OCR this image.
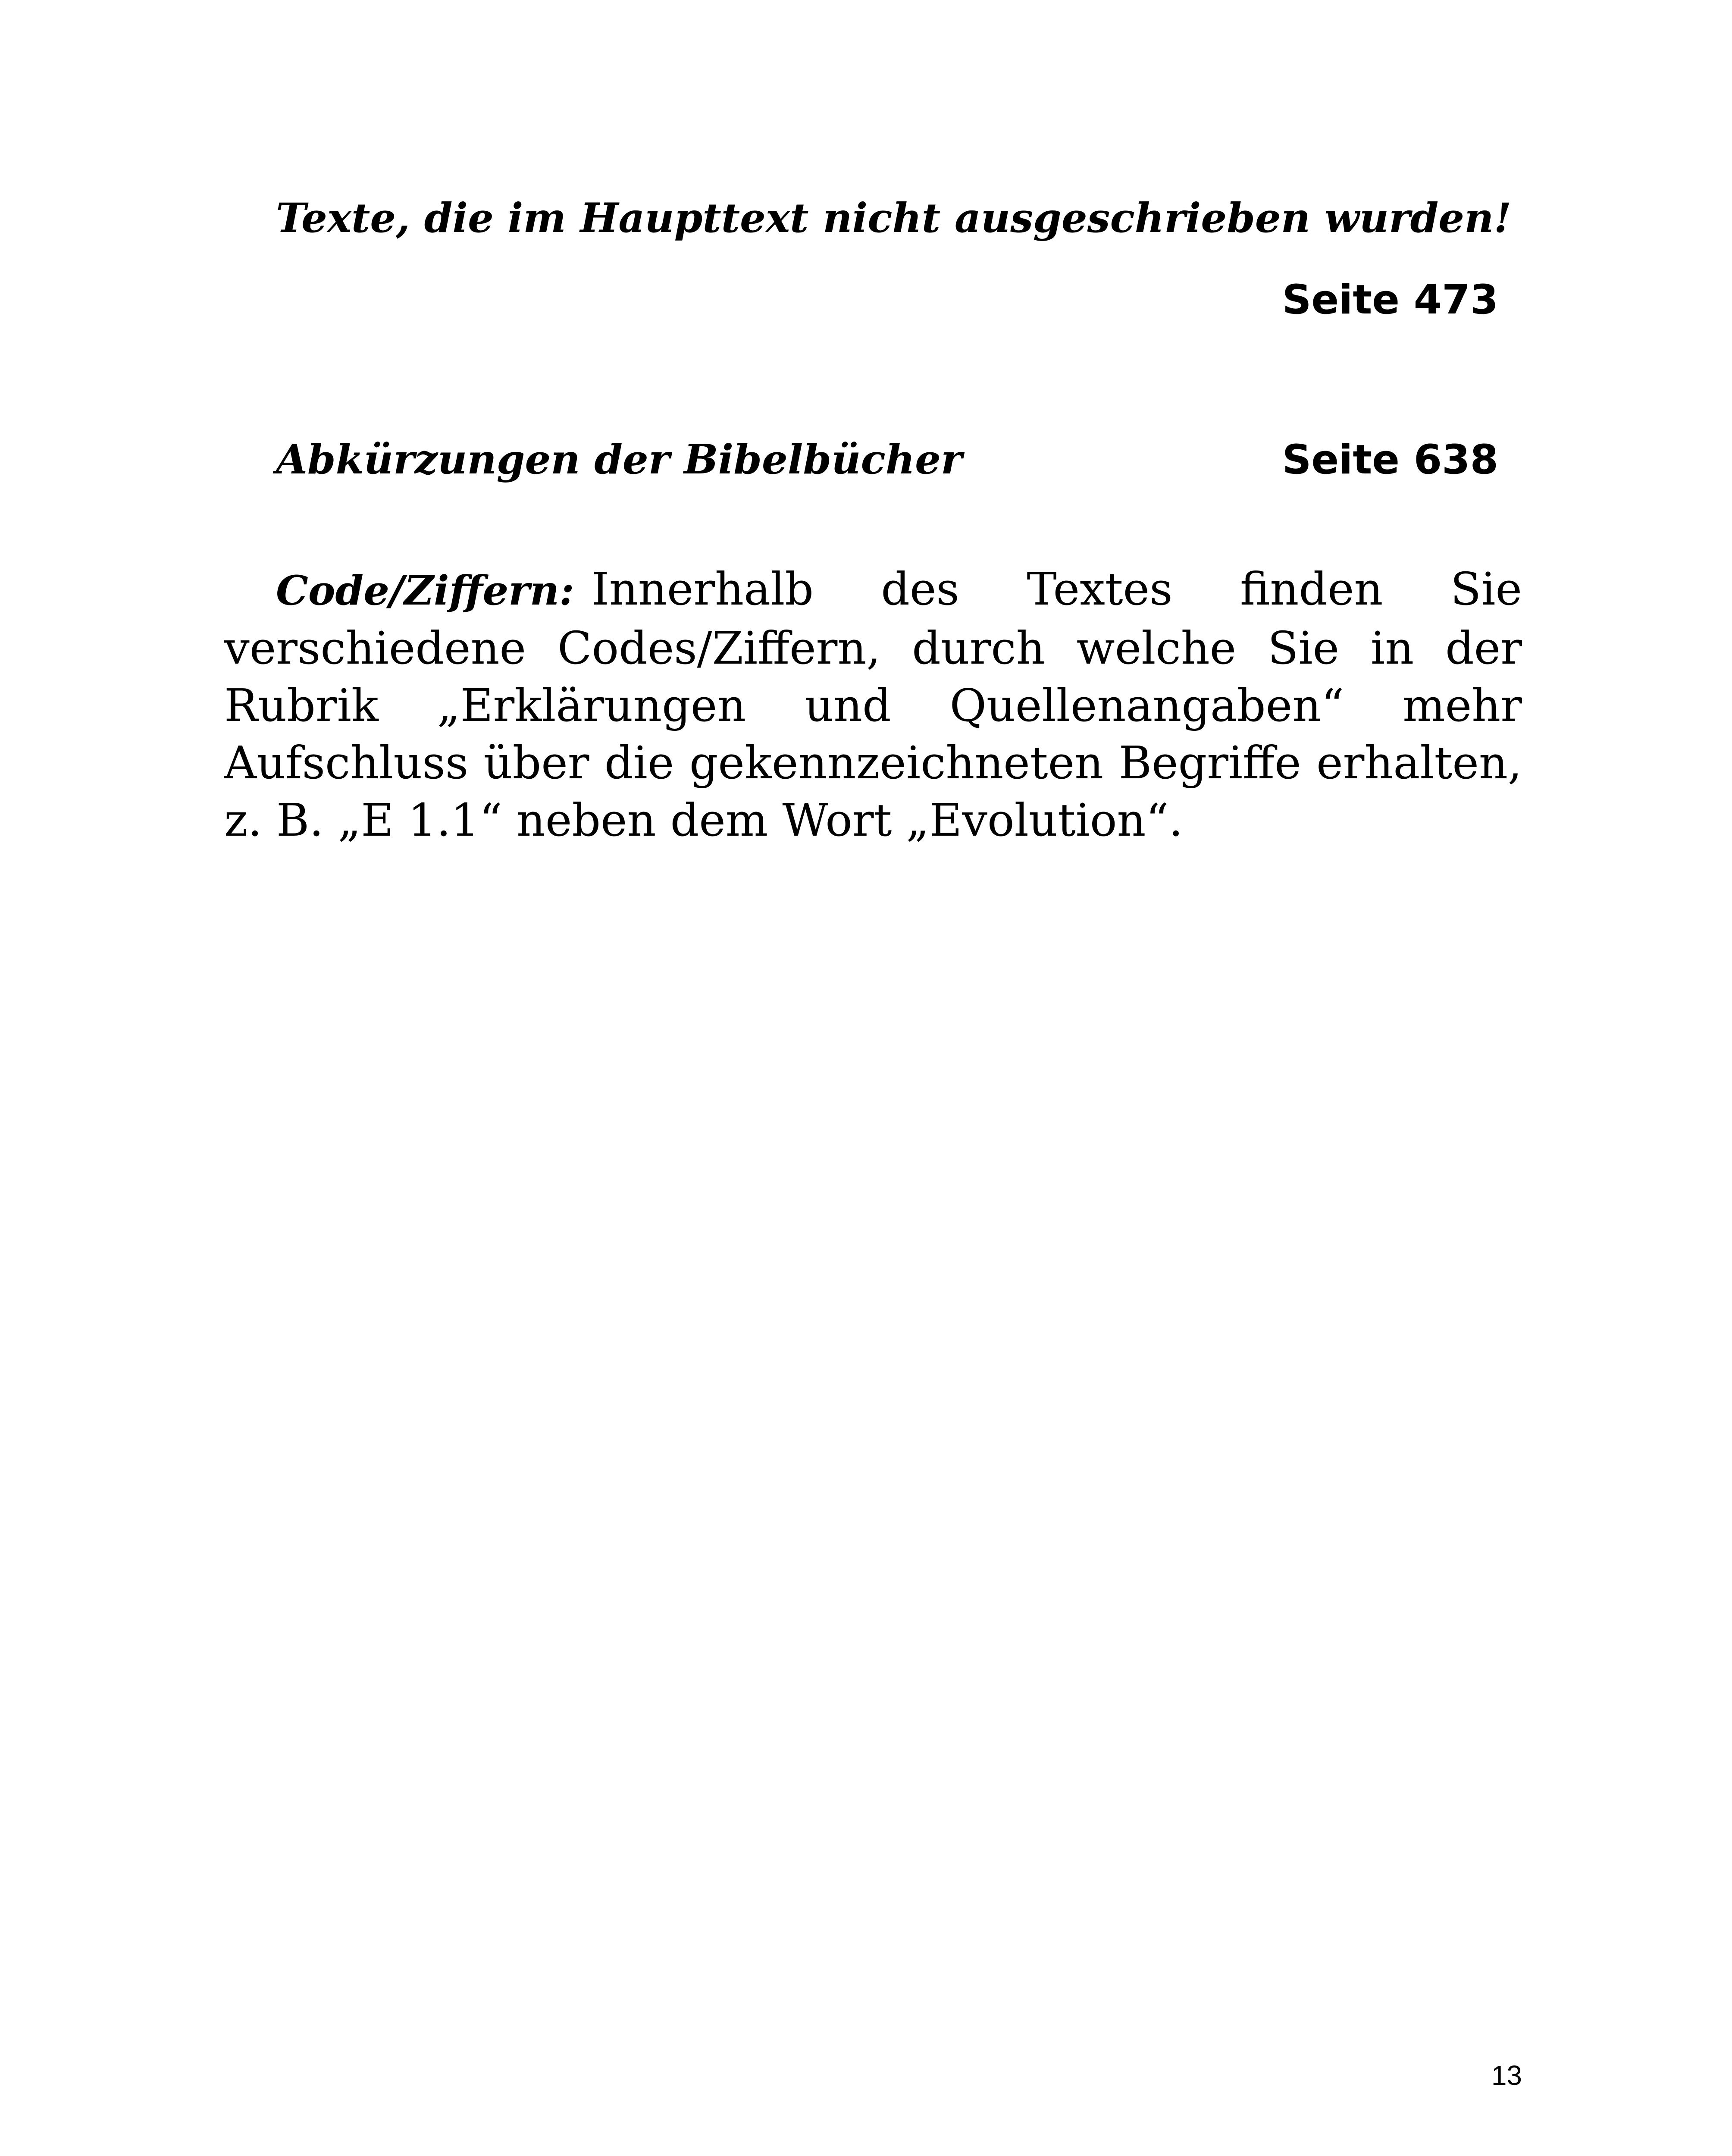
Texte, die im Haupttext nicht ausgeschrieben wurden!
Seite 473
Abkürzungen der Bibelbücher	Seite 638

Code/Ziffern: Innerhalb des Textes finden Sie verschiedene Codes/Ziffern, durch welche Sie in der Rubrik „Erklärungen und Quellenangaben“ mehr Aufschluss über die gekennzeichneten Begriffe erhalten, z. B. „E 1.1“ neben dem Wort „Evolution“.

13
